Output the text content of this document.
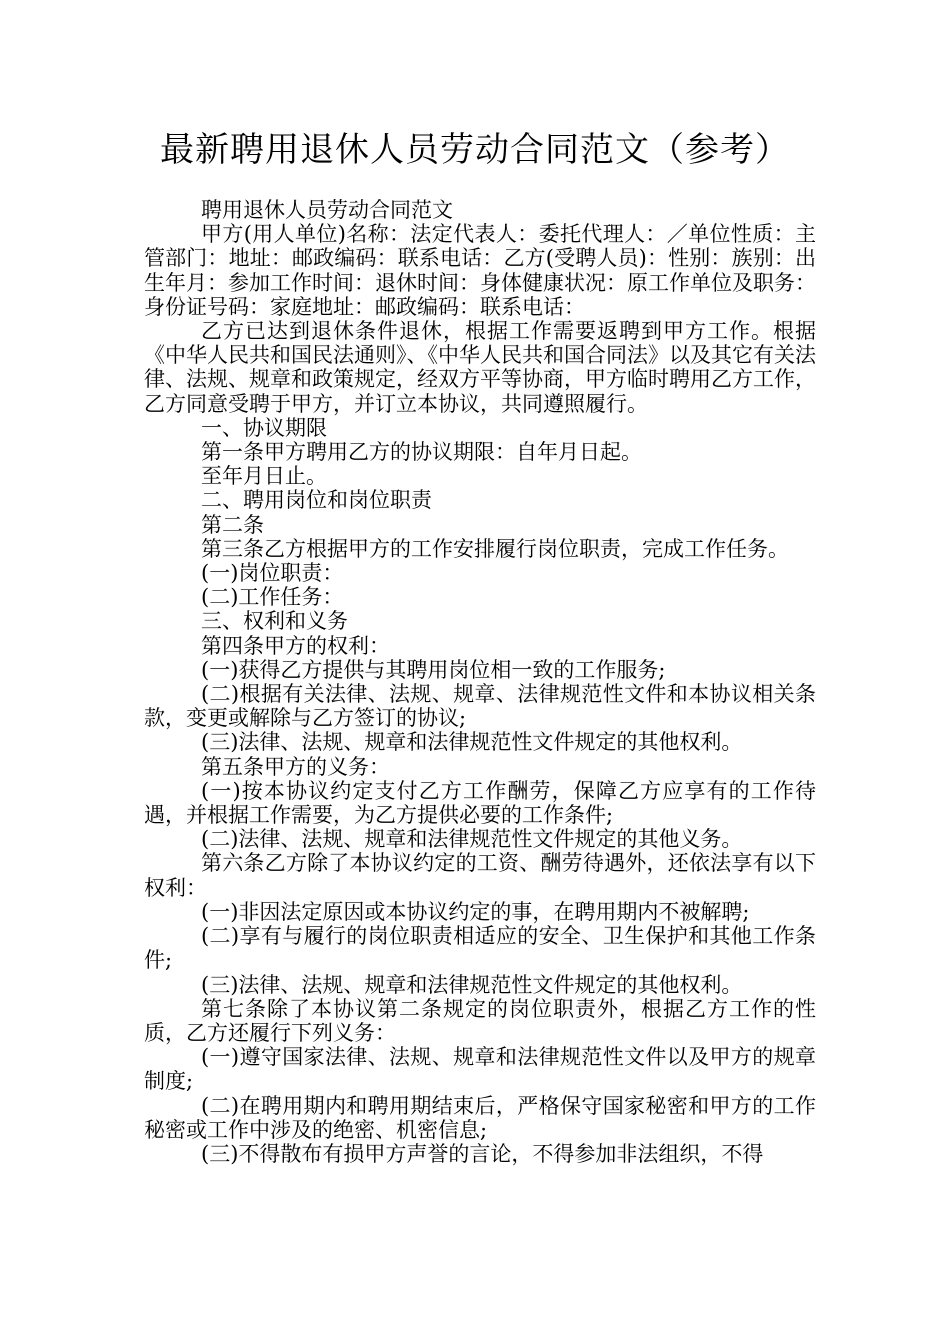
最新聘用退休人员劳动合同范文（参考）

聘用退休人员劳动合同范文

甲方(用人单位)名称：法定代表人：委托代理人：／单位性质：主管部门：地址：邮政编码：联系电话：乙方(受聘人员)：性别：族别：出生年月：参加工作时间：退休时间：身体健康状况：原工作单位及职务：身份证号码：家庭地址：邮政编码：联系电话：

乙方已达到退休条件退休，根据工作需要返聘到甲方工作。根据《中华人民共和国民法通则》、《中华人民共和国合同法》以及其它有关法律、法规、规章和政策规定，经双方平等协商，甲方临时聘用乙方工作，乙方同意受聘于甲方，并订立本协议，共同遵照履行。

一、协议期限

第一条甲方聘用乙方的协议期限：自年月日起。

至年月日止。

二、聘用岗位和岗位职责

第二条

第三条乙方根据甲方的工作安排履行岗位职责，完成工作任务。

(一)岗位职责：

(二)工作任务：

三、权利和义务

第四条甲方的权利：

(一)获得乙方提供与其聘用岗位相一致的工作服务;

(二)根据有关法律、法规、规章、法律规范性文件和本协议相关条款，变更或解除与乙方签订的协议;

(三)法律、法规、规章和法律规范性文件规定的其他权利。

第五条甲方的义务：

(一)按本协议约定支付乙方工作酬劳，保障乙方应享有的工作待遇，并根据工作需要，为乙方提供必要的工作条件;

(二)法律、法规、规章和法律规范性文件规定的其他义务。

第六条乙方除了本协议约定的工资、酬劳待遇外，还依法享有以下权利：

(一)非因法定原因或本协议约定的事，在聘用期内不被解聘;

(二)享有与履行的岗位职责相适应的安全、卫生保护和其他工作条件;

(三)法律、法规、规章和法律规范性文件规定的其他权利。

第七条除了本协议第二条规定的岗位职责外，根据乙方工作的性质，乙方还履行下列义务：

(一)遵守国家法律、法规、规章和法律规范性文件以及甲方的规章制度;

(二)在聘用期内和聘用期结束后，严格保守国家秘密和甲方的工作秘密或工作中涉及的绝密、机密信息;

(三)不得散布有损甲方声誉的言论，不得参加非法组织，不得
